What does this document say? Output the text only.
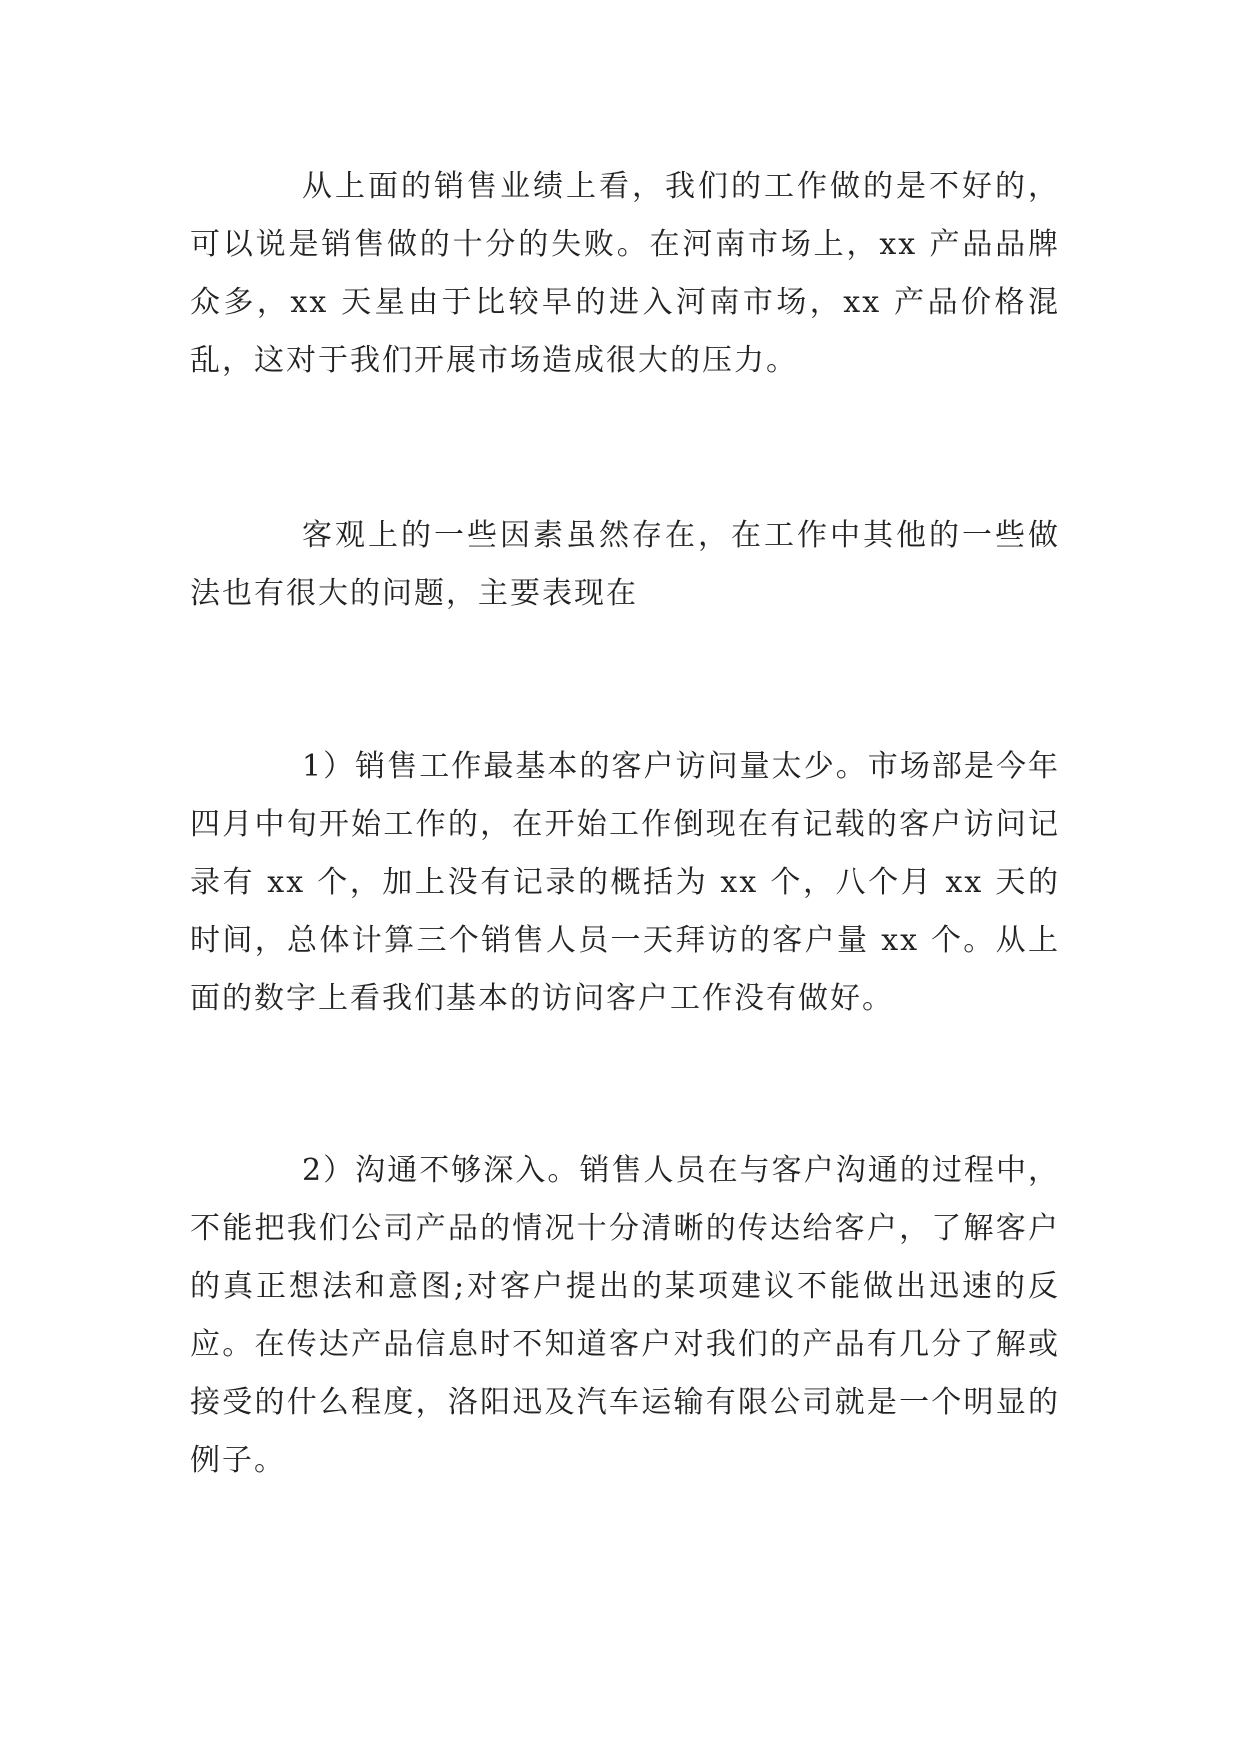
从上面的销售业绩上看，我们的工作做的是不好的，可以说是销售做的十分的失败。在河南市场上，xx 产品品牌众多，xx 天星由于比较早的进入河南市场，xx 产品价格混乱，这对于我们开展市场造成很大的压力。

客观上的一些因素虽然存在，在工作中其他的一些做法也有很大的问题，主要表现在

1）销售工作最基本的客户访问量太少。市场部是今年四月中旬开始工作的，在开始工作倒现在有记载的客户访问记录有 xx 个，加上没有记录的概括为 xx 个，八个月 xx 天的时间，总体计算三个销售人员一天拜访的客户量 xx 个。从上面的数字上看我们基本的访问客户工作没有做好。

2）沟通不够深入。销售人员在与客户沟通的过程中，不能把我们公司产品的情况十分清晰的传达给客户，了解客户的真正想法和意图;对客户提出的某项建议不能做出迅速的反应。在传达产品信息时不知道客户对我们的产品有几分了解或接受的什么程度，洛阳迅及汽车运输有限公司就是一个明显的例子。
